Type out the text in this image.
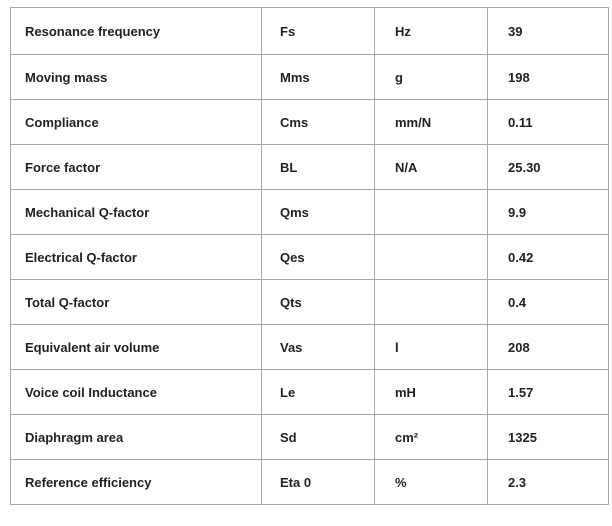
Resonance frequency	Fs	Hz	39
Moving mass	Mms	g	198
Compliance	Cms	mm/N	0.11
Force factor	BL	N/A	25.30
Mechanical Q-factor	Qms		9.9
Electrical Q-factor	Qes		0.42
Total Q-factor	Qts		0.4
Equivalent air volume	Vas	l	208
Voice coil Inductance	Le	mH	1.57
Diaphragm area	Sd	cm²	1325
Reference efficiency	Eta 0	%	2.3
